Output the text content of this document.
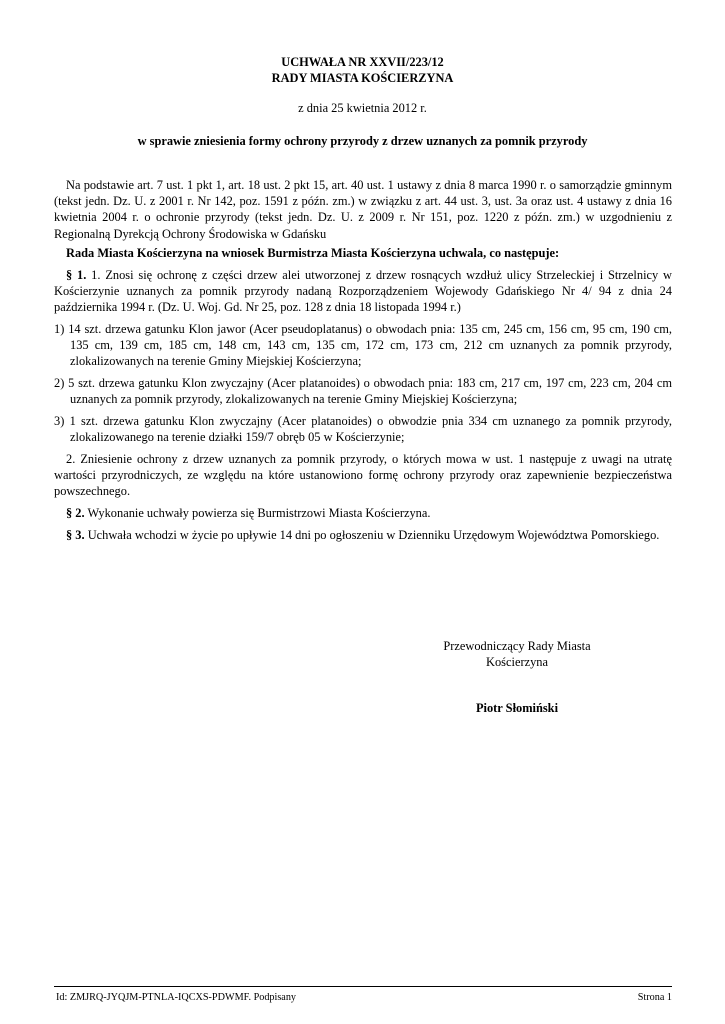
UCHWAŁA NR XXVII/223/12
RADY MIASTA KOŚCIERZYNA
z dnia 25 kwietnia 2012 r.
w sprawie zniesienia formy ochrony przyrody z drzew uznanych za pomnik przyrody
Na podstawie art. 7 ust. 1 pkt 1, art. 18 ust. 2 pkt 15, art. 40 ust. 1 ustawy z dnia 8 marca 1990 r. o samorządzie gminnym (tekst jedn. Dz. U. z 2001 r. Nr 142, poz. 1591 z późn. zm.) w związku z art. 44 ust. 3, ust. 3a oraz ust. 4 ustawy z dnia 16 kwietnia 2004 r. o ochronie przyrody (tekst jedn. Dz. U. z 2009 r. Nr 151, poz. 1220 z późn. zm.) w uzgodnieniu z Regionalną Dyrekcją Ochrony Środowiska w Gdańsku
Rada Miasta Kościerzyna na wniosek Burmistrza Miasta Kościerzyna uchwala, co następuje:
§ 1. 1. Znosi się ochronę z części drzew alei utworzonej z drzew rosnących wzdłuż ulicy Strzeleckiej i Strzelnicy w Kościerzynie uznanych za pomnik przyrody nadaną Rozporządzeniem Wojewody Gdańskiego Nr 4/ 94 z dnia 24 października 1994 r. (Dz. U. Woj. Gd. Nr 25, poz. 128 z dnia 18 listopada 1994 r.)
1) 14 szt. drzewa gatunku Klon jawor (Acer pseudoplatanus) o obwodach pnia: 135 cm, 245 cm, 156 cm, 95 cm, 190 cm, 135 cm, 139 cm, 185 cm, 148 cm, 143 cm, 135 cm, 172 cm, 173 cm, 212 cm uznanych za pomnik przyrody, zlokalizowanych na terenie Gminy Miejskiej Kościerzyna;
2) 5 szt. drzewa gatunku Klon zwyczajny (Acer platanoides) o obwodach pnia: 183 cm, 217 cm, 197 cm, 223 cm, 204 cm uznanych za pomnik przyrody, zlokalizowanych na terenie Gminy Miejskiej Kościerzyna;
3) 1 szt. drzewa gatunku Klon zwyczajny (Acer platanoides) o obwodzie pnia 334 cm uznanego za pomnik przyrody, zlokalizowanego na terenie działki 159/7 obręb 05 w Kościerzynie;
2. Zniesienie ochrony z drzew uznanych za pomnik przyrody, o których mowa w ust. 1 następuje z uwagi na utratę wartości przyrodniczych, ze względu na które ustanowiono formę ochrony przyrody oraz zapewnienie bezpieczeństwa powszechnego.
§ 2. Wykonanie uchwały powierza się Burmistrzowi Miasta Kościerzyna.
§ 3. Uchwała wchodzi w życie po upływie 14 dni po ogłoszeniu w Dzienniku Urzędowym Województwa Pomorskiego.
Przewodniczący Rady Miasta
Kościerzyna
Piotr Słomiński
Id: ZMJRQ-JYQJM-PTNLA-IQCXS-PDWMF. Podpisany	Strona 1
